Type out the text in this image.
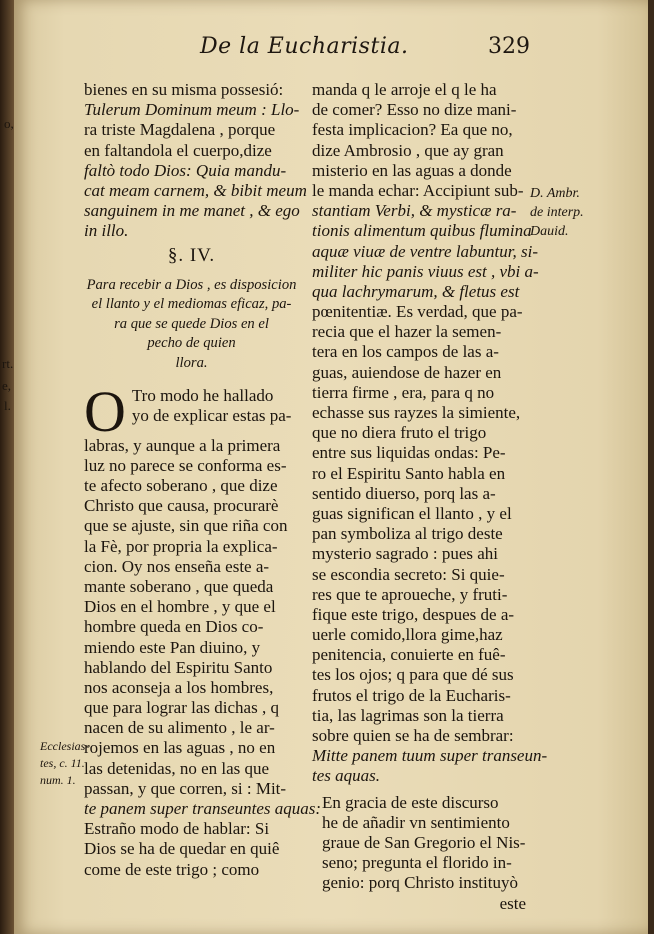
De la Eucharistia.	329
o,
rt.
e,
l.
bienes en su misma possesió:
Tulerum Dominum meum : Llo-
ra triste Magdalena , porque
en faltandola el cuerpo,dize
faltò todo Dios: Quia mandu-
cat meam carnem, & bibit meum
sanguinem in me manet , & ego
in illo.
§. IV.
Para recebir a Dios , es disposicion
el llanto y el mediomas eficaz, pa-
ra que se quede Dios en el
pecho de quien
llora.
O Tro modo he hallado
yo de explicar estas pa-
labras, y aunque a la primera
luz no parece se conforma es-
te afecto soberano , que dize
Christo que causa, procurarè
que se ajuste, sin que riña con
la Fè, por propria la explica-
cion. Oy nos enseña este a-
mante soberano , que queda
Dios en el hombre , y que el
hombre queda en Dios co-
miendo este Pan diuino, y
hablando del Espiritu Santo
nos aconseja a los hombres,
que para lograr las dichas , q
nacen de su alimento , le ar-
rojemos en las aguas , no en
las detenidas, no en las que
passan, y que corren, si : Mit-
te panem super transeuntes aquas:
Estraño modo de hablar: Si
Dios se ha de quedar en quiê
come de este trigo ; como
manda q le arroje el q le ha
de comer? Esso no dize mani-
festa implicacion? Ea que no,
dize Ambrosio , que ay gran
misterio en las aguas a donde
le manda echar: Accipiunt sub-
stantiam Verbi, & mysticæ ra-
tionis alimentum quibus flumina
aquæ viuæ de ventre labuntur, si-
militer hic panis viuus est , vbi a-
qua lachrymarum, & fletus est
pœnitentiæ. Es verdad, que pa-
recia que el hazer la semen-
tera en los campos de las a-
guas, auiendose de hazer en
tierra firme , era, para q no
echasse sus rayzes la simiente,
que no diera fruto el trigo
entre sus liquidas ondas: Pe-
ro el Espiritu Santo habla en
sentido diuerso, porq las a-
guas significan el llanto , y el
pan symboliza al trigo deste
mysterio sagrado : pues ahi
se escondia secreto: Si quie-
res que te aproueche, y fruti-
fique este trigo, despues de a-
uerle comido,llora gime,haz
penitencia, conuierte en fuê-
tes los ojos; q para que dé sus
frutos el trigo de la Eucharis-
tia, las lagrimas son la tierra
sobre quien se ha de sembrar:
Mitte panem tuum super transeun-
tes aquas.
En gracia de este discurso
he de añadir vn sentimiento
graue de San Gregorio el Nis-
seno; pregunta el florido in-
genio: porq Christo instituyò
este
D. Ambr.
de interp.
Dauid.
Ecclesias-
tes, c. 11.
num. 1.
